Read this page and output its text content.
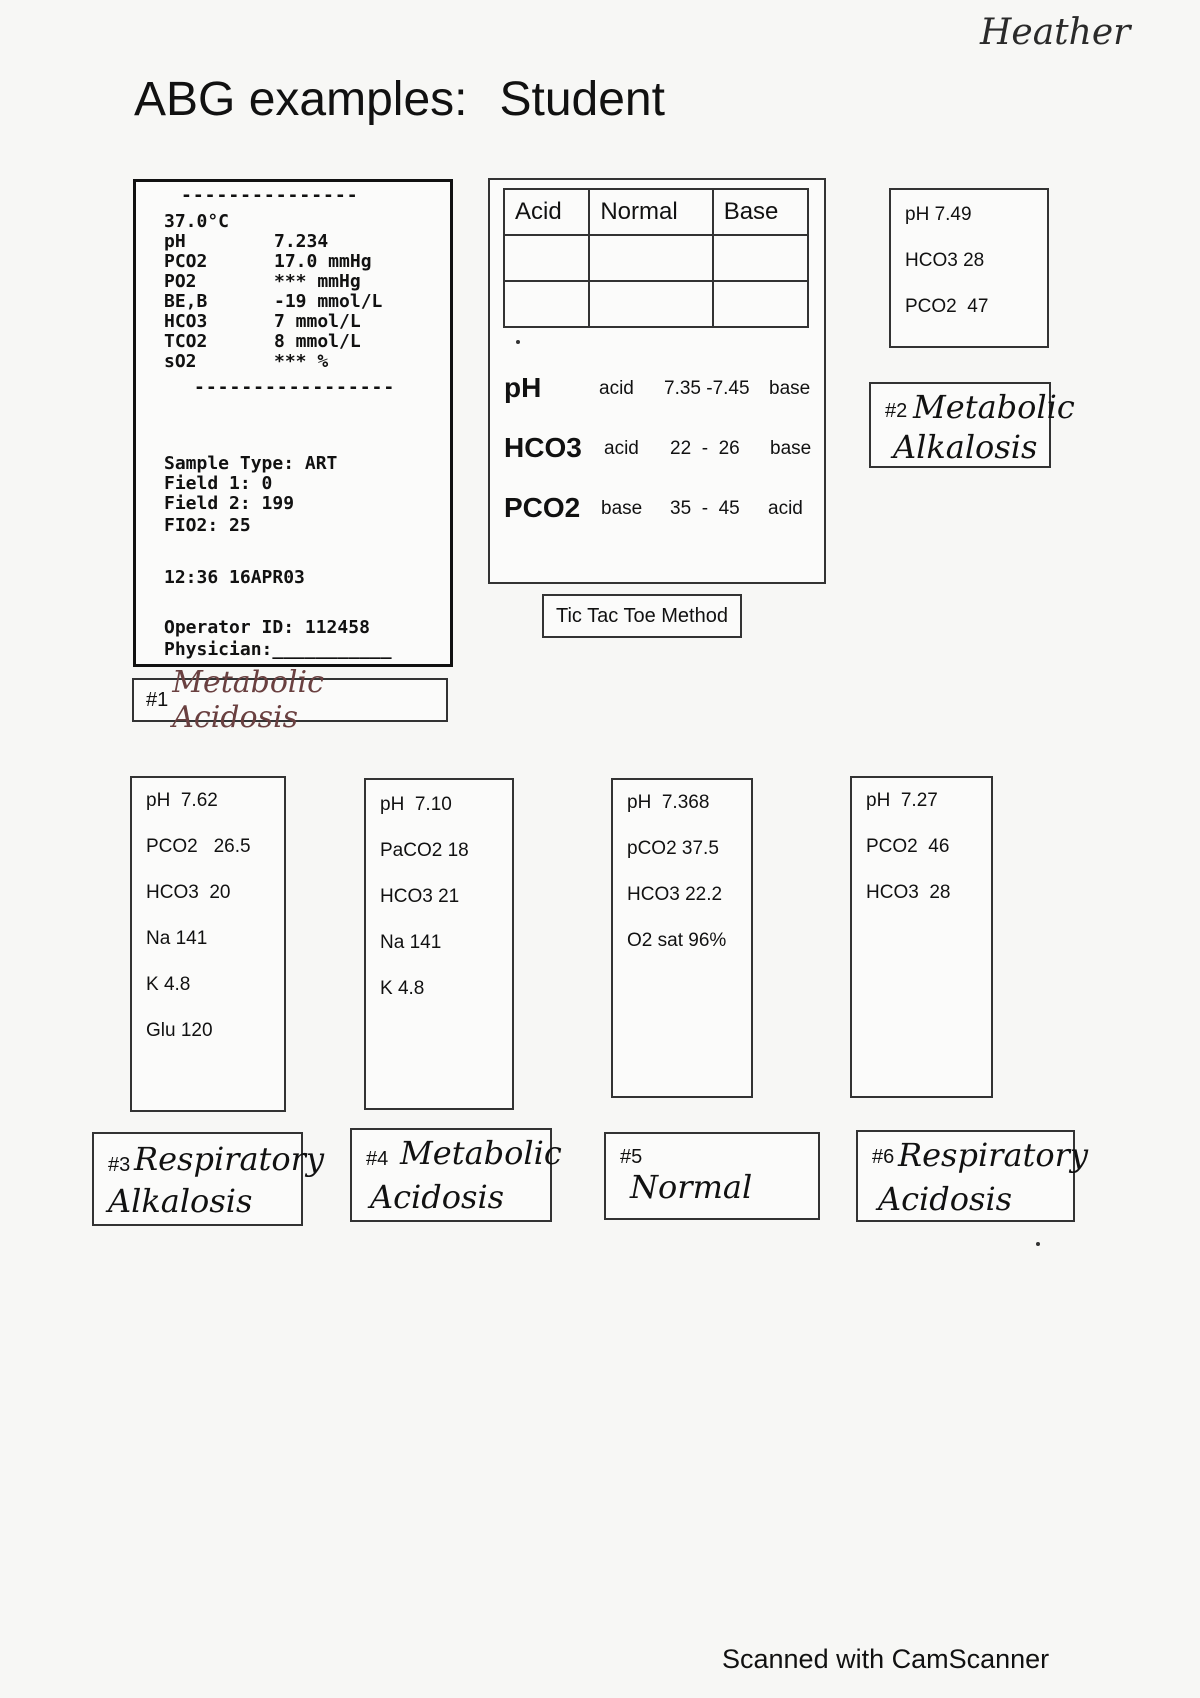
Heather
ABG examples: Student
---------------
37.0°C
pH	7.234
PCO2	17.0 mmHg
PO2	*** mmHg
BE,B	-19 mmol/L
HCO3	7 mmol/L
TCO2	8 mmol/L
sO2	*** %
-----------------
Sample Type: ART
Field 1: 0
Field 2: 199
FIO2: 25
12:36 16APR03
Operator ID: 112458
Physician:___________
#1 Metabolic Acidosis
Acid	Normal	Base

pH	acid 7.35 -7.45 base
HCO3 acid 22  -  26 base
PCO2 base 35  -  45 acid
Tic Tac Toe Method
pH 7.49
HCO3 28
PCO2  47
#2 Metabolic
Alkalosis
pH  7.62
PCO2   26.5
HCO3  20
Na 141
K 4.8
Glu 120
pH  7.10
PaCO2 18
HCO3 21
Na 141
K 4.8
pH  7.368
pCO2 37.5
HCO3 22.2
O2 sat 96%
pH  7.27
PCO2  46
HCO3  28
#3 Respiratory
Alkalosis
#4 Metabolic
Acidosis
#5
Normal
#6 Respiratory
Acidosis
Scanned with CamScanner
